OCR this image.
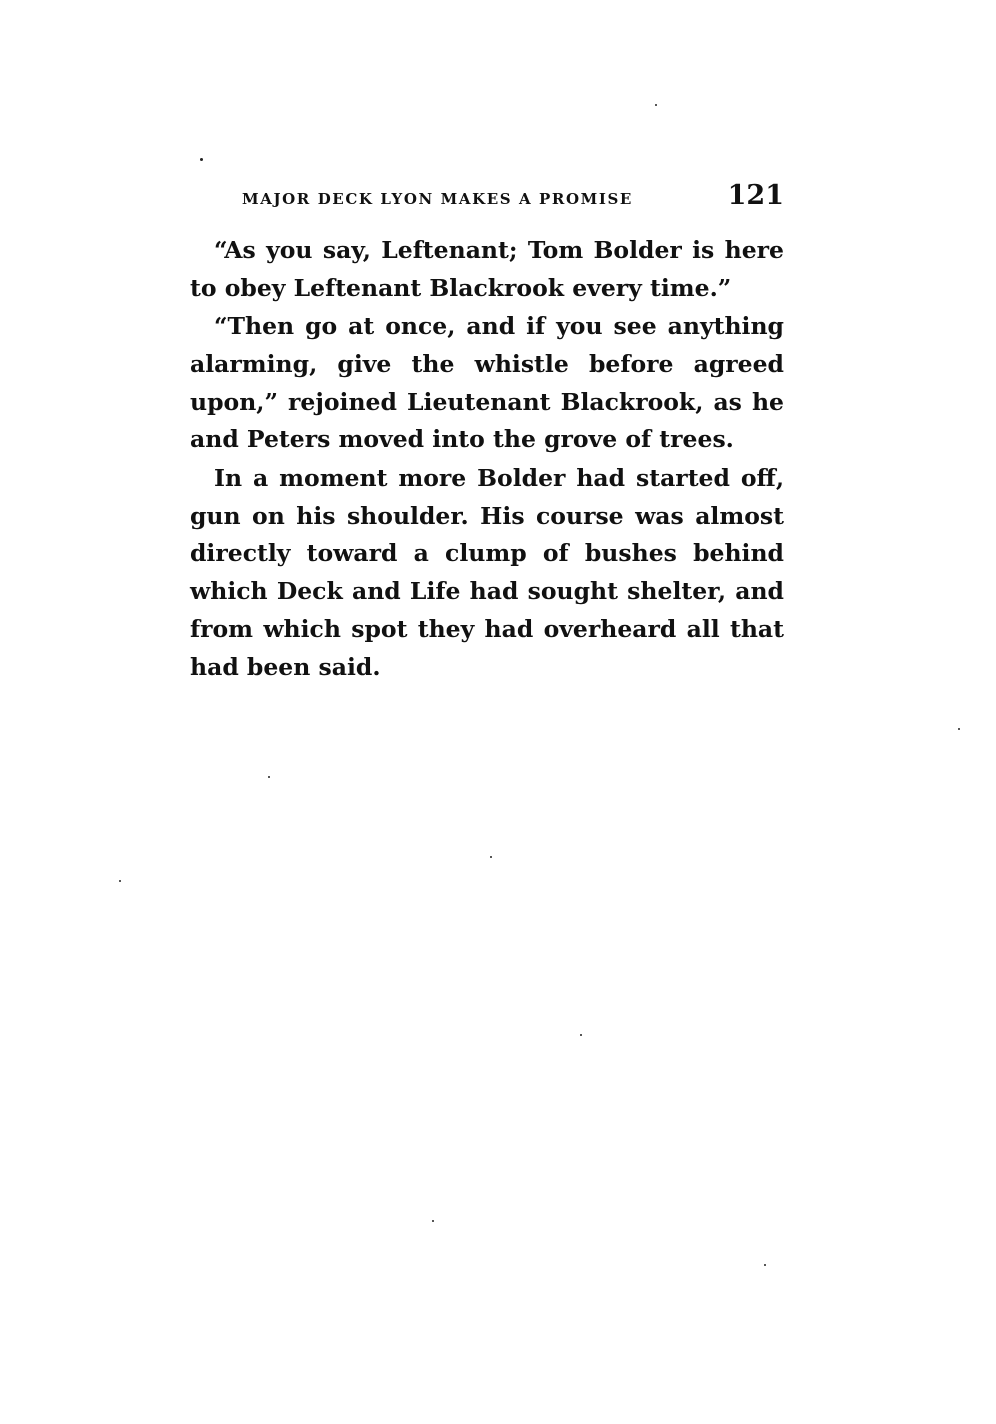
MAJOR DECK LYON MAKES A PROMISE	121

“As you say, Leftenant; Tom Bolder is here to obey Leftenant Blackrook every time.”

“Then go at once, and if you see anything alarming, give the whistle before agreed upon,” rejoined Lieutenant Blackrook, as he and Peters moved into the grove of trees.

In a moment more Bolder had started off, gun on his shoulder. His course was almost directly toward a clump of bushes behind which Deck and Life had sought shelter, and from which spot they had overheard all that had been said.
